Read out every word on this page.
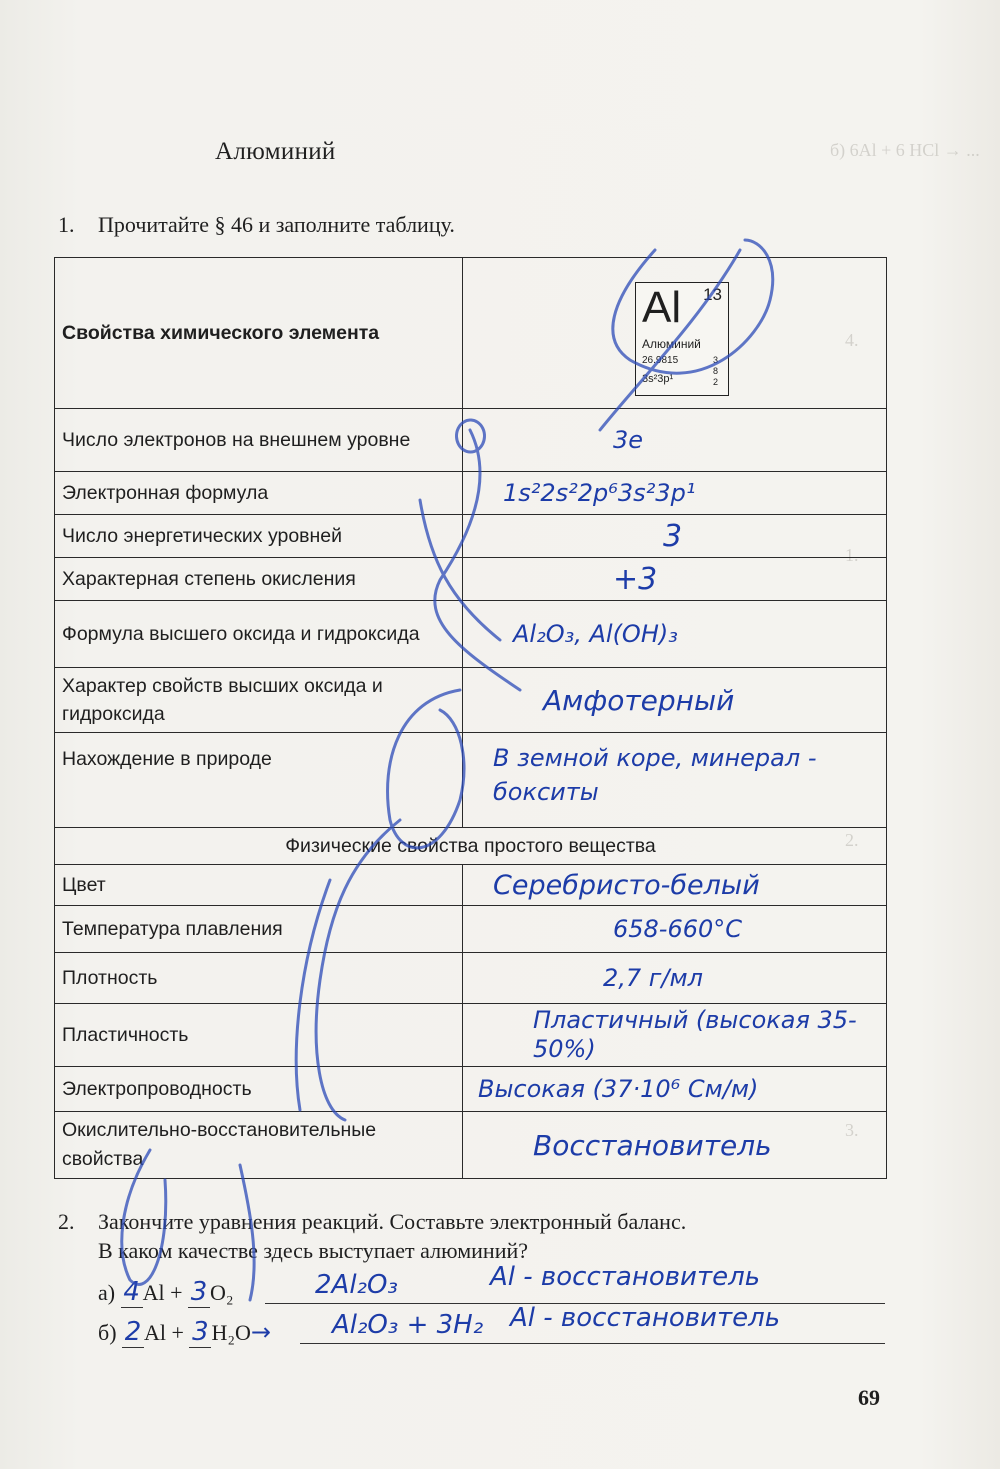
б) 6Al + 6 HCl → ...
4.
1.
2.
3.
Алюминий
1. Прочитайте § 46 и заполните таблицу.
Свойства химического элемента	
Число электронов на внешнем уровне	3e
Электронная формула	1s²2s²2p⁶3s²3p¹
Число энергетических уровней	3
Характерная степень окисления	+3
Формула высшего оксида и гидроксида	Al₂O₃, Al(OH)₃
Характер свойств высших оксида и гидроксида	Амфотерный
Нахождение в природе	В земной коре, минерал - бокситы
Физические свойства простого вещества	
Цвет	Серебристо-белый
Температура плавления	658-660°C
Плотность	2,7 г/мл
Пластичность	Пластичный (высокая 35-50%)
Электропроводность	Высокая (37·10⁶ См/м)
Окислительно-восстановительные свойства	Восстановитель
Al 13
Алюминий
26.9815
3s²3p¹
3
8
2
2. Закончите уравнения реакций. Составьте электронный баланс.
В каком качестве здесь выступает алюминий?
а) 4 Al + 3 O₂	2Al₂O₃	Al - восстановитель
б) 2 Al + 3 H₂O→ Al₂O₃ + 3H₂ Al - восстановитель
69
